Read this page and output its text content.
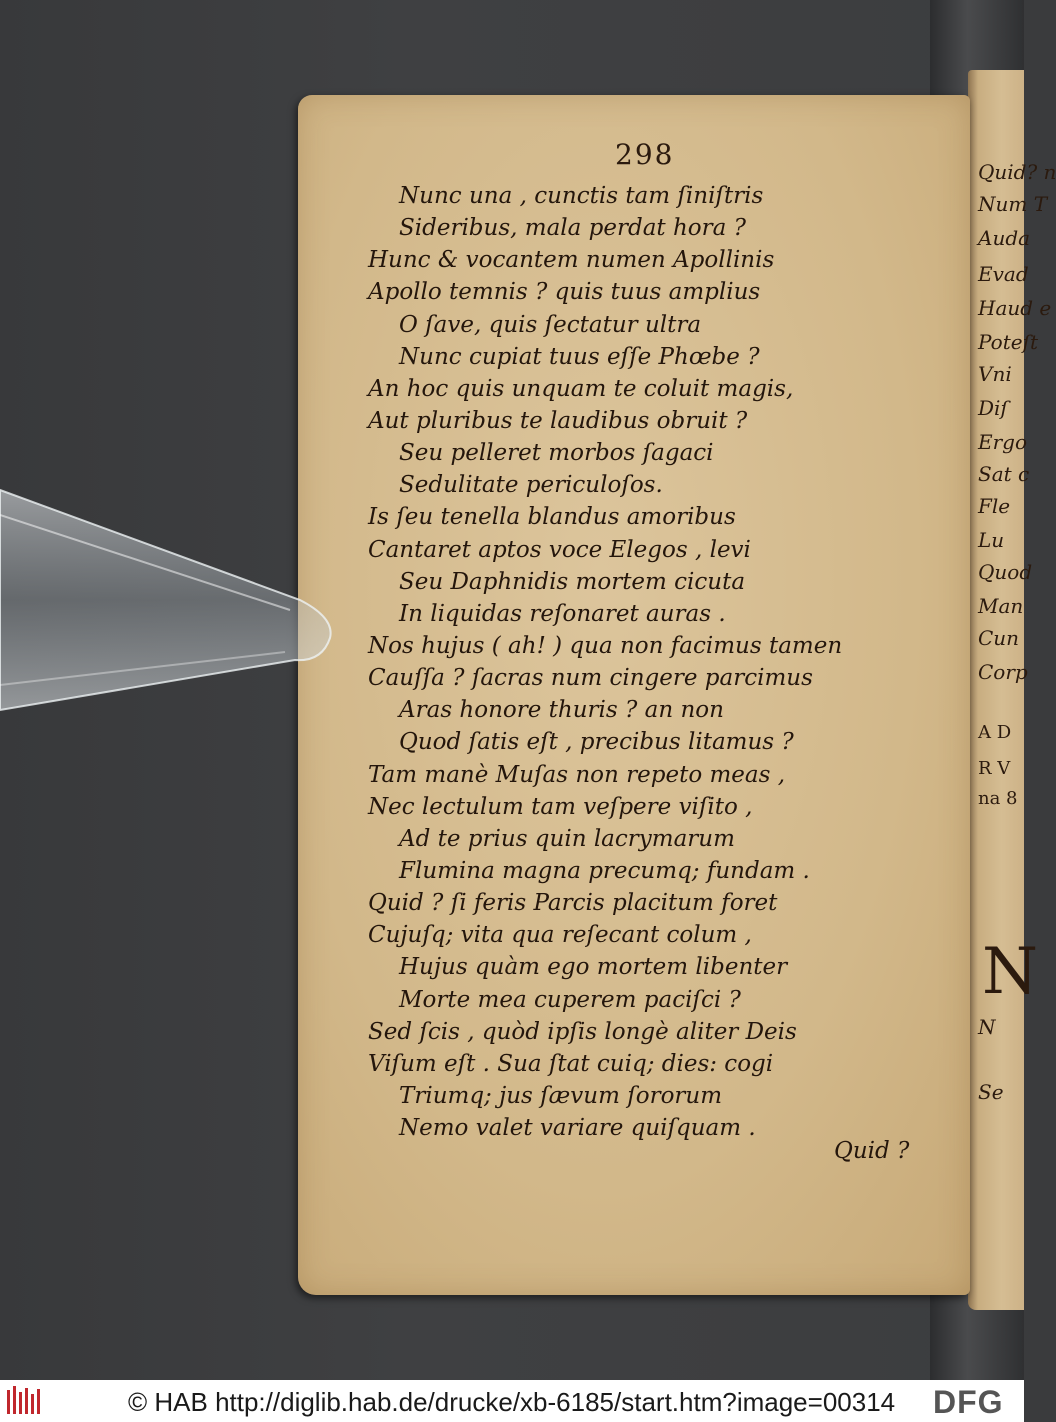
Quid? n
Num T
Auda
Evad
Haud e
Poteſt
Vni
Diſ
Ergo
Sat c
Fle
Lu
Quod
Man
Cun
Corp
A D
R V
na 8
N
N
Se
298
Nunc una , cunctis tam ſiniſtris
Sideribus, mala perdat hora ?
Hunc & vocantem numen Apollinis
Apollo temnis ? quis tuus amplius
O ſave, quis ſectatur ultra
Nunc cupiat tuus eſſe Phœbe ?
An hoc quis unquam te coluit magis,
Aut pluribus te laudibus obruit ?
Seu pelleret morbos ſagaci
Sedulitate periculoſos.
Is ſeu tenella blandus amoribus
Cantaret aptos voce Elegos , levi
Seu Daphnidis mortem cicuta
In liquidas reſonaret auras .
Nos hujus ( ah! ) qua non facimus tamen
Cauſſa ? ſacras num cingere parcimus
Aras honore thuris ? an non
Quod ſatis eſt , precibus litamus ?
Tam manè Muſas non repeto meas ,
Nec lectulum tam veſpere viſito ,
Ad te prius quin lacrymarum
Flumina magna precumq; fundam .
Quid ? ſi feris Parcis placitum foret
Cujuſq; vita qua reſecant colum ,
Hujus quàm ego mortem libenter
Morte mea cuperem paciſci ?
Sed ſcis , quòd ipſis longè aliter Deis
Viſum eſt . Sua ſtat cuiq; dies: cogi
Triumq; jus ſævum ſororum
Nemo valet variare quiſquam .
Quid ?
© HAB http://diglib.hab.de/drucke/xb-6185/start.htm?image=00314 DFG
